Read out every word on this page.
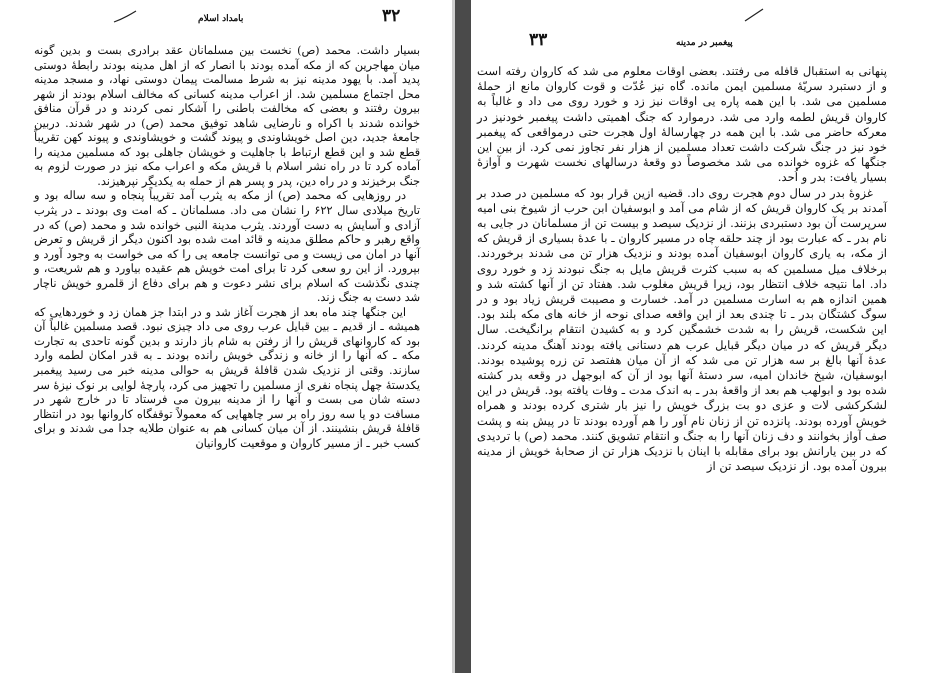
بامداد اسلام	۳۲

بسیار داشت. محمد (ص) نخست بین مسلمانان عقد برادری بست و بدین گونه میان مهاجرین که از مکه آمده بودند با انصار که از اهل مدینه بودند رابطهٔ دوستی پدید آمد. با یهود مدینه نیز به شرط مسالمت پیمان دوستی نهاد، و مسجد مدینه محل اجتماع مسلمین شد. از اعراب مدینه کسانی که مخالف اسلام بودند از شهر بیرون رفتند و بعضی که مخالفت باطنی را آشکار نمی کردند و در قرآن منافق خوانده شدند با اکراه و نارضایی شاهد توفیق محمد (ص) در شهر شدند. دربین جامعهٔ جدید، دین اصل خویشاوندی و پیوند گشت و خویشاوندی و پیوند کهن تقریباً قطع شد و این قطع ارتباط با جاهلیت و خویشان جاهلی بود که مسلمین مدینه را آماده کرد تا در راه نشر اسلام با قریش مکه و اعراب مکه نیز در صورت لزوم به جنگ برخیزند و در راه دین، پدر و پسر هم از حمله به یکدیگر نپرهیزند.

در روزهایی که محمد (ص) از مکه به یثرب آمد تقریباً پنجاه و سه ساله بود و تاریخ میلادی سال ۶۲۲ را نشان می داد. مسلمانان ـ که امت وی بودند ـ در یثرب آزادی و آسایش به دست آوردند. یثرب مدینة النبی خوانده شد و محمد (ص) که در واقع رهبر و حاکم مطلق مدینه و قائد امت شده بود اکنون دیگر از قریش و تعرض آنها در امان می زیست و می توانست جامعه یی را که می خواست به وجود آورد و بپرورد. از این رو سعی کرد تا برای امت خویش هم عقیده بیاورد و هم شریعت، و چندی نگذشت که اسلام برای نشر دعوت و هم برای دفاع از قلمرو خویش ناچار شد دست به جنگ زند.

این جنگها چند ماه بعد از هجرت آغاز شد و در ابتدا جز همان زد و خوردهایی که همیشه ـ از قدیم ـ بین قبایل عرب روی می داد چیزی نبود. قصد مسلمین غالباً آن بود که کاروانهای قریش را از رفتن به شام باز دارند و بدین گونه تاحدی به تجارت مکه ـ که آنها را از خانه و زندگی خویش رانده بودند ـ به قدر امکان لطمه وارد سازند. وقتی از نزدیک شدن قافلهٔ قریش به حوالی مدینه خبر می رسید پیغمبر یکدستهٔ چهل پنجاه نفری از مسلمین را تجهیز می کرد، پارچهٔ لوایی بر نوک نیزهٔ سر دسته شان می بست و آنها را از مدینه بیرون می فرستاد تا در خارج شهر در مسافت دو یا سه روز راه بر سر چاههایی که معمولاً توقفگاه کاروانها بود در انتظار قافلهٔ قریش بنشینند. از آن میان کسانی هم به عنوان طلایه جدا می شدند و برای کسب خبر ـ از مسیر کاروان و موقعیت کاروانیان

۳۳	پیغمبر در مدینه

پنهانی به استقبال قافله می رفتند. بعضی اوقات معلوم می شد که کاروان رفته است و از دستبرد سریّهٔ مسلمین ایمن مانده. گاه نیز عُدّت و قوت کاروان مانع از حملهٔ مسلمین می شد. با این همه پاره یی اوقات نیز زد و خورد روی می داد و غالباً به کاروان قریش لطمه وارد می شد. درموارد که جنگ اهمیتی داشت پیغمبر خودنیز در معرکه حاضر می شد. با این همه در چهارسالهٔ اول هجرت حتی درمواقعی که پیغمبر خود نیز در جنگ شرکت داشت تعداد مسلمین از هزار نفر تجاوز نمی کرد. از بین این جنگها که غزوه خوانده می شد مخصوصاً دو وقعهٔ درسالهای نخست شهرت و آوازهٔ بسیار یافت: بدر و اُحد.

غزوهٔ بدر در سال دوم هجرت روی داد. قضیه ازین قرار بود که مسلمین در صدد بر آمدند بر یک کاروان قریش که از شام می آمد و ابوسفیان ابن حرب از شیوخ بنی امیه سرپرست آن بود دستبردی بزنند. از نزدیک سیصد و بیست تن از مسلمانان در جایی به نام بدر ـ که عبارت بود از چند حلقه چاه در مسیر کاروان ـ با عدهٔ بسیاری از قریش که از مکه، به یاری کاروان ابوسفیان آمده بودند و نزدیک هزار تن می شدند برخوردند. برخلاف میل مسلمین که به سبب کثرت قریش مایل به جنگ نبودند زد و خورد روی داد. اما نتیجه خلاف انتظار بود، زیرا قریش مغلوب شد. هفتاد تن از آنها کشته شد و همین اندازه هم به اسارت مسلمین در آمد. خسارت و مصیبت قریش زیاد بود و در سوگ کشتگان بدر ـ تا چندی بعد از این واقعه صدای نوحه از خانه های مکه بلند بود. این شکست، قریش را به شدت خشمگین کرد و به کشیدن انتقام برانگیخت. سال دیگر قریش که در میان دیگر قبایل عرب هم دستانی یافته بودند آهنگ مدینه کردند. عدهٔ آنها بالغ بر سه هزار تن می شد که از آن میان هفتصد تن زره پوشیده بودند. ابوسفیان، شیخ خاندان امیه، سر دستهٔ آنها بود از آن که ابوجهل در وقعه بدر کشته شده بود و ابولهب هم بعد از واقعهٔ بدر ـ به اندک مدت ـ وفات یافته بود. قریش در این لشکرکشی لات و عزی دو بت بزرگ خویش را نیز بار شتری کرده بودند و همراه خویش آورده بودند. پانزده تن از زنان نام آور را هم آورده بودند تا در پیش بنه و پشت صف آواز بخوانند و دف زنان آنها را به جنگ و انتقام تشویق کنند. محمد (ص) با تردیدی که در بین یارانش بود برای مقابله با اینان با نزدیک هزار تن از صحابهٔ خویش از مدینه بیرون آمده بود. از نزدیک سیصد تن از
